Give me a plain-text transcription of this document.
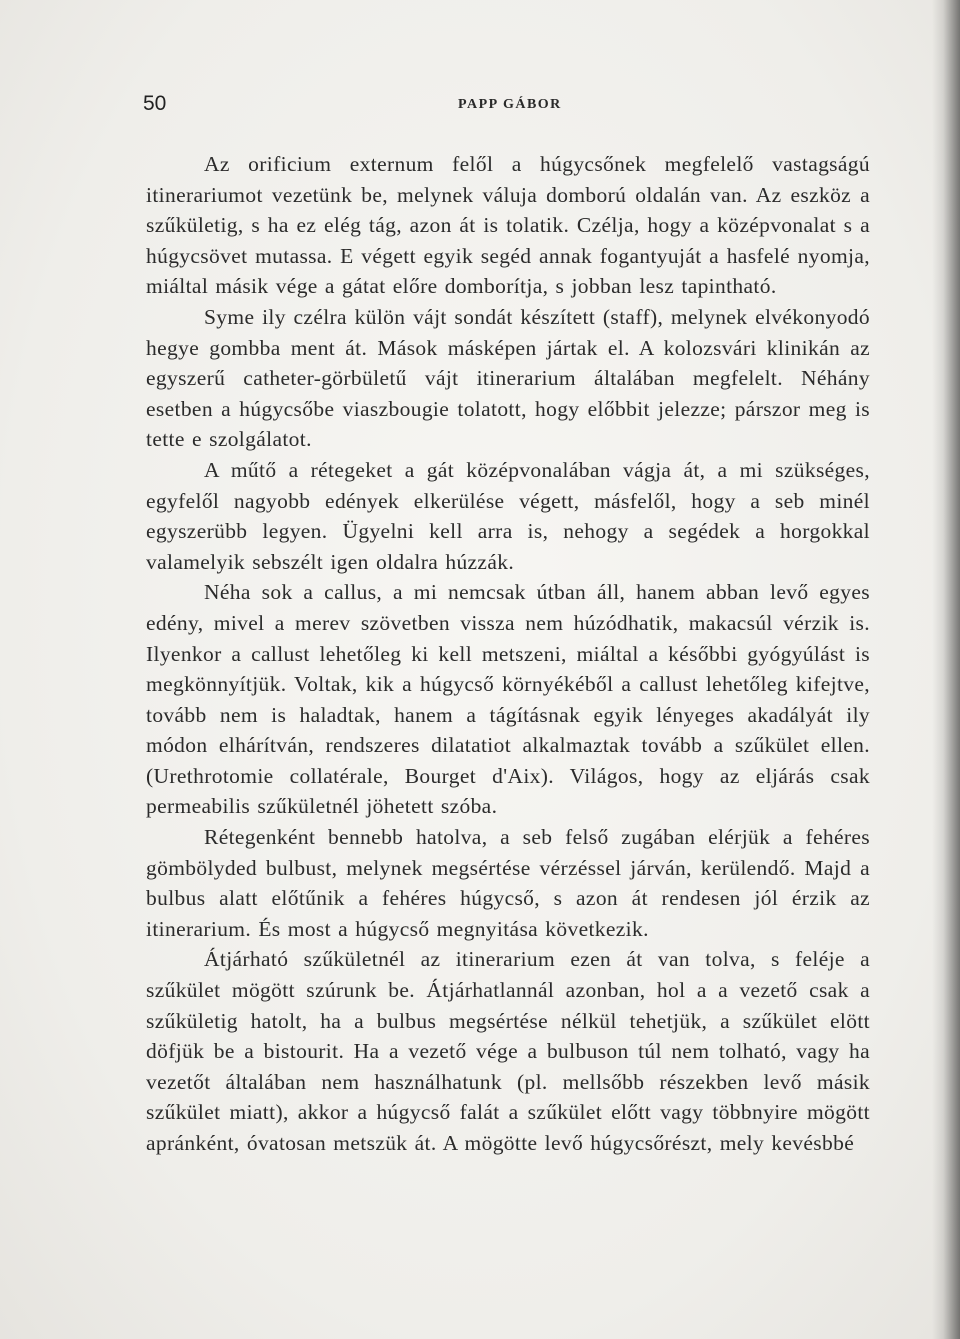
50	PAPP GÁBOR

Az orificium externum felől a húgycsőnek megfelelő vastagságú itinerariumot vezetünk be, melynek váluja domború oldalán van. Az eszköz a szűkületig, s ha ez elég tág, azon át is tolatik. Czélja, hogy a középvonalat s a húgycsövet mutassa. E végett egyik segéd annak fogantyuját a hasfelé nyomja, miáltal másik vége a gátat előre domborítja, s jobban lesz tapintható.

Syme ily czélra külön vájt sondát készített (staff), melynek elvékonyodó hegye gombba ment át. Mások másképen jártak el. A kolozsvári klinikán az egyszerű catheter-görbületű vájt itinerarium általában megfelelt. Néhány esetben a húgycsőbe viaszbougie tolatott, hogy előbbit jelezze; párszor meg is tette e szolgálatot.

A műtő a rétegeket a gát középvonalában vágja át, a mi szükséges, egyfelől nagyobb edények elkerülése végett, másfelől, hogy a seb minél egyszerübb legyen. Ügyelni kell arra is, nehogy a segédek a horgokkal valamelyik sebszélt igen oldalra húzzák.

Néha sok a callus, a mi nemcsak útban áll, hanem abban levő egyes edény, mivel a merev szövetben vissza nem húzódhatik, makacsúl vérzik is. Ilyenkor a callust lehetőleg ki kell metszeni, miáltal a későbbi gyógyúlást is megkönnyítjük. Voltak, kik a húgycső környékéből a callust lehetőleg kifejtve, tovább nem is haladtak, hanem a tágításnak egyik lényeges akadályát ily módon elhárítván, rendszeres dilatatiot alkalmaztak tovább a szűkület ellen. (Urethrotomie collatérale, Bourget d'Aix). Világos, hogy az eljárás csak permeabilis szűkületnél jöhetett szóba.

Rétegenként bennebb hatolva, a seb felső zugában elérjük a fehéres gömbölyded bulbust, melynek megsértése vérzéssel járván, kerülendő. Majd a bulbus alatt előtűnik a fehéres húgycső, s azon át rendesen jól érzik az itinerarium. És most a húgycső megnyitása következik.

Átjárható szűkületnél az itinerarium ezen át van tolva, s feléje a szűkület mögött szúrunk be. Átjárhatlannál azonban, hol a a vezető csak a szűkületig hatolt, ha a bulbus megsértése nélkül tehetjük, a szűkület elött döfjük be a bistourit. Ha a vezető vége a bulbuson túl nem tolható, vagy ha vezetőt általában nem használhatunk (pl. mellsőbb részekben levő másik szűkület miatt), akkor a húgycső falát a szűkület előtt vagy többnyire mögött apránként, óvatosan metszük át. A mögötte levő húgycsőrészt, mely kevésbbé
